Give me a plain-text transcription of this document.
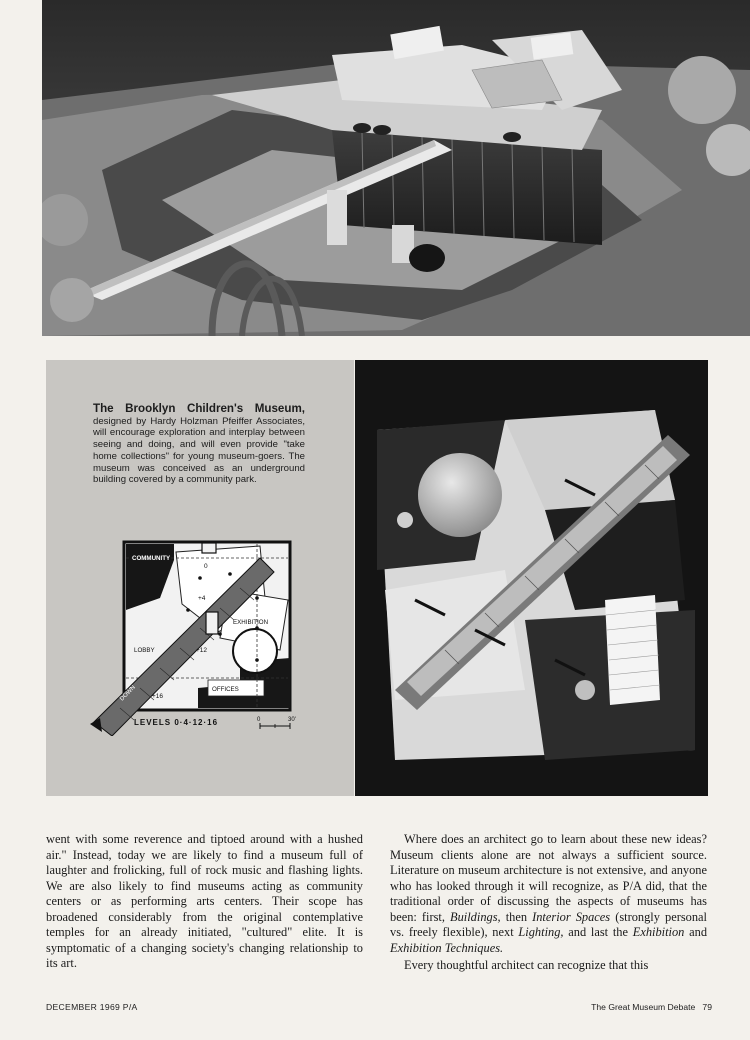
The Brooklyn Children's Museum, designed by Hardy Holzman Pfeiffer Associates, will encourage exploration and interplay between seeing and doing, and will even provide "take home collections" for young museum-goers. The museum was conceived as an underground building covered by a community park.
COMMUNITY
EXHIBITION
LOBBY
OFFICES
DOWN
0
+4
+12
+16
0	30'
LEVELS 0·4·12·16

went with some reverence and tiptoed around with a hushed air." Instead, today we are likely to find a museum full of laughter and frolicking, full of rock music and flashing lights. We are also likely to find museums acting as community centers or as performing arts centers. Their scope has broadened considerably from the original contemplative temples for an already initiated, "cultured" elite. It is symptomatic of a changing society's changing relationship to its art.

Where does an architect go to learn about these new ideas? Museum clients alone are not always a sufficient source. Literature on museum architecture is not extensive, and anyone who has looked through it will recognize, as P/A did, that the traditional order of discussing the aspects of museums has been: first, Buildings, then Interior Spaces (strongly personal vs. freely flexible), next Lighting, and last the Exhibition and Exhibition Techniques.

Every thoughtful architect can recognize that this

DECEMBER 1969 P/A	The Great Museum Debate   79
